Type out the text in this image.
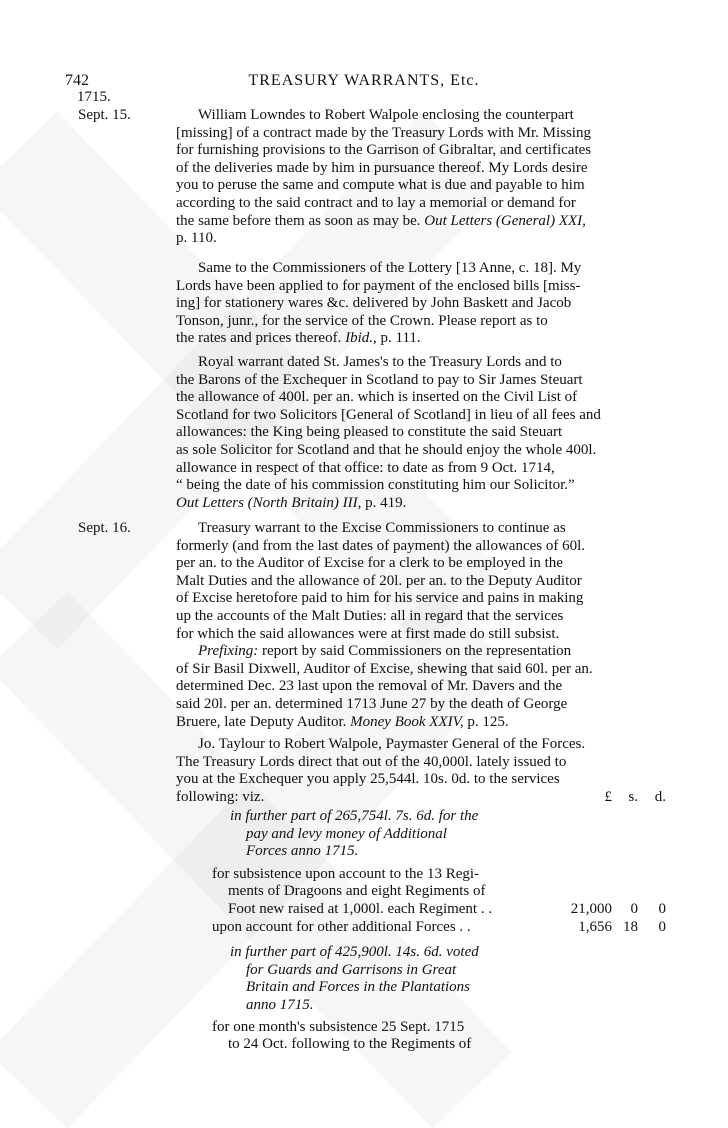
742	TREASURY WARRANTS, Etc.
1715.
Sept. 15.	William Lowndes to Robert Walpole enclosing the counterpart
[missing] of a contract made by the Treasury Lords with Mr. Missing
for furnishing provisions to the Garrison of Gibraltar, and certificates
of the deliveries made by him in pursuance thereof. My Lords desire
you to peruse the same and compute what is due and payable to him
according to the said contract and to lay a memorial or demand for
the same before them as soon as may be. Out Letters (General) XXI,
p. 110.
Same to the Commissioners of the Lottery [13 Anne, c. 18]. My
Lords have been applied to for payment of the enclosed bills [miss-
ing] for stationery wares &c. delivered by John Baskett and Jacob
Tonson, junr., for the service of the Crown. Please report as to
the rates and prices thereof. Ibid., p. 111.
Royal warrant dated St. James's to the Treasury Lords and to
the Barons of the Exchequer in Scotland to pay to Sir James Steuart
the allowance of 400l. per an. which is inserted on the Civil List of
Scotland for two Solicitors [General of Scotland] in lieu of all fees and
allowances: the King being pleased to constitute the said Steuart
as sole Solicitor for Scotland and that he should enjoy the whole 400l.
allowance in respect of that office: to date as from 9 Oct. 1714,
“ being the date of his commission constituting him our Solicitor.”
Out Letters (North Britain) III, p. 419.
Sept. 16.	Treasury warrant to the Excise Commissioners to continue as
formerly (and from the last dates of payment) the allowances of 60l.
per an. to the Auditor of Excise for a clerk to be employed in the
Malt Duties and the allowance of 20l. per an. to the Deputy Auditor
of Excise heretofore paid to him for his service and pains in making
up the accounts of the Malt Duties: all in regard that the services
for which the said allowances were at first made do still subsist.
Prefixing: report by said Commissioners on the representation
of Sir Basil Dixwell, Auditor of Excise, shewing that said 60l. per an.
determined Dec. 23 last upon the removal of Mr. Davers and the
said 20l. per an. determined 1713 June 27 by the death of George
Bruere, late Deputy Auditor. Money Book XXIV, p. 125.
Jo. Taylour to Robert Walpole, Paymaster General of the Forces.
The Treasury Lords direct that out of the 40,000l. lately issued to
you at the Exchequer you apply 25,544l. 10s. 0d. to the services
following: viz.	£ s. d.
in further part of 265,754l. 7s. 6d. for the
pay and levy money of Additional
Forces anno 1715.
for subsistence upon account to the 13 Regi-
ments of Dragoons and eight Regiments of
Foot new raised at 1,000l. each Regiment . .	21,000 0 0
upon account for other additional Forces . .	1,656 18 0
in further part of 425,900l. 14s. 6d. voted
for Guards and Garrisons in Great
Britain and Forces in the Plantations
anno 1715.
for one month's subsistence 25 Sept. 1715
to 24 Oct. following to the Regiments of
